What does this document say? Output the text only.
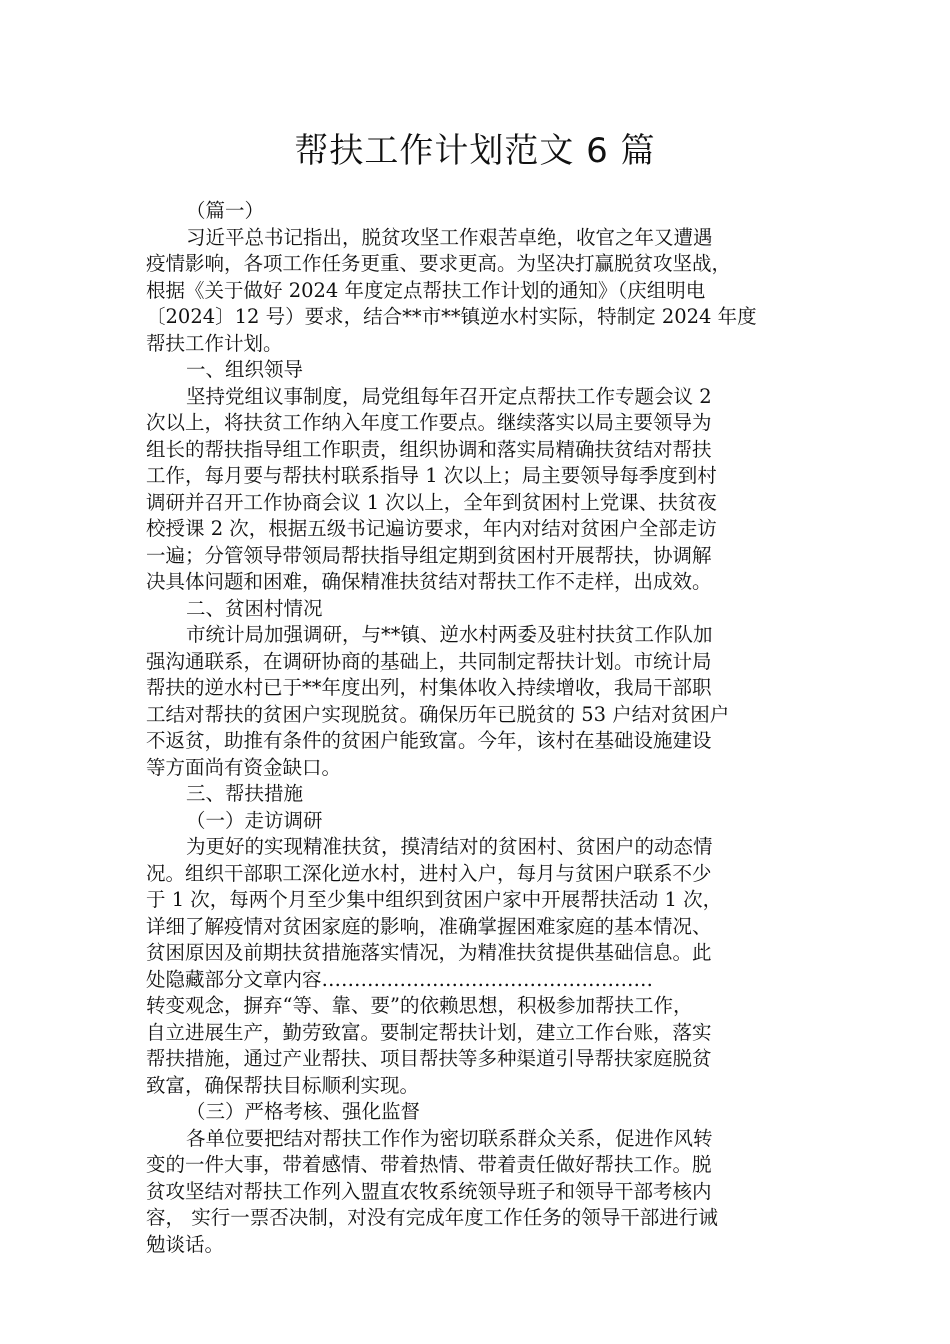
帮扶工作计划范文 6 篇
（篇一）
习近平总书记指出，脱贫攻坚工作艰苦卓绝，收官之年又遭遇
疫情影响，各项工作任务更重、要求更高。为坚决打赢脱贫攻坚战，
根据《关于做好 2024 年度定点帮扶工作计划的通知》（庆组明电
〔2024〕12 号）要求，结合**市**镇逆水村实际，特制定 2024 年度
帮扶工作计划。
一、组织领导
坚持党组议事制度，局党组每年召开定点帮扶工作专题会议 2
次以上，将扶贫工作纳入年度工作要点。继续落实以局主要领导为
组长的帮扶指导组工作职责，组织协调和落实局精确扶贫结对帮扶
工作，每月要与帮扶村联系指导 1 次以上；局主要领导每季度到村
调研并召开工作协商会议 1 次以上，全年到贫困村上党课、扶贫夜
校授课 2 次，根据五级书记遍访要求，年内对结对贫困户全部走访
一遍；分管领导带领局帮扶指导组定期到贫困村开展帮扶，协调解
决具体问题和困难，确保精准扶贫结对帮扶工作不走样，出成效。
二、贫困村情况
市统计局加强调研，与**镇、逆水村两委及驻村扶贫工作队加
强沟通联系，在调研协商的基础上，共同制定帮扶计划。市统计局
帮扶的逆水村已于**年度出列，村集体收入持续增收，我局干部职
工结对帮扶的贫困户实现脱贫。确保历年已脱贫的 53 户结对贫困户
不返贫，助推有条件的贫困户能致富。今年，该村在基础设施建设
等方面尚有资金缺口。
三、帮扶措施
（一）走访调研
为更好的实现精准扶贫，摸清结对的贫困村、贫困户的动态情
况。组织干部职工深化逆水村，进村入户，每月与贫困户联系不少
于 1 次，每两个月至少集中组织到贫困户家中开展帮扶活动 1 次，
详细了解疫情对贫困家庭的影响，准确掌握困难家庭的基本情况、
贫困原因及前期扶贫措施落实情况，为精准扶贫提供基础信息。此
处隐藏部分文章内容……………………………………………
转变观念，摒弃“等、靠、要”的依赖思想，积极参加帮扶工作，
自立进展生产，勤劳致富。要制定帮扶计划，建立工作台账，落实
帮扶措施，通过产业帮扶、项目帮扶等多种渠道引导帮扶家庭脱贫
致富，确保帮扶目标顺利实现。
（三）严格考核、强化监督
各单位要把结对帮扶工作作为密切联系群众关系，促进作风转
变的一件大事，带着感情、带着热情、带着责任做好帮扶工作。脱
贫攻坚结对帮扶工作列入盟直农牧系统领导班子和领导干部考核内
容， 实行一票否决制，对没有完成年度工作任务的领导干部进行诫
勉谈话。
